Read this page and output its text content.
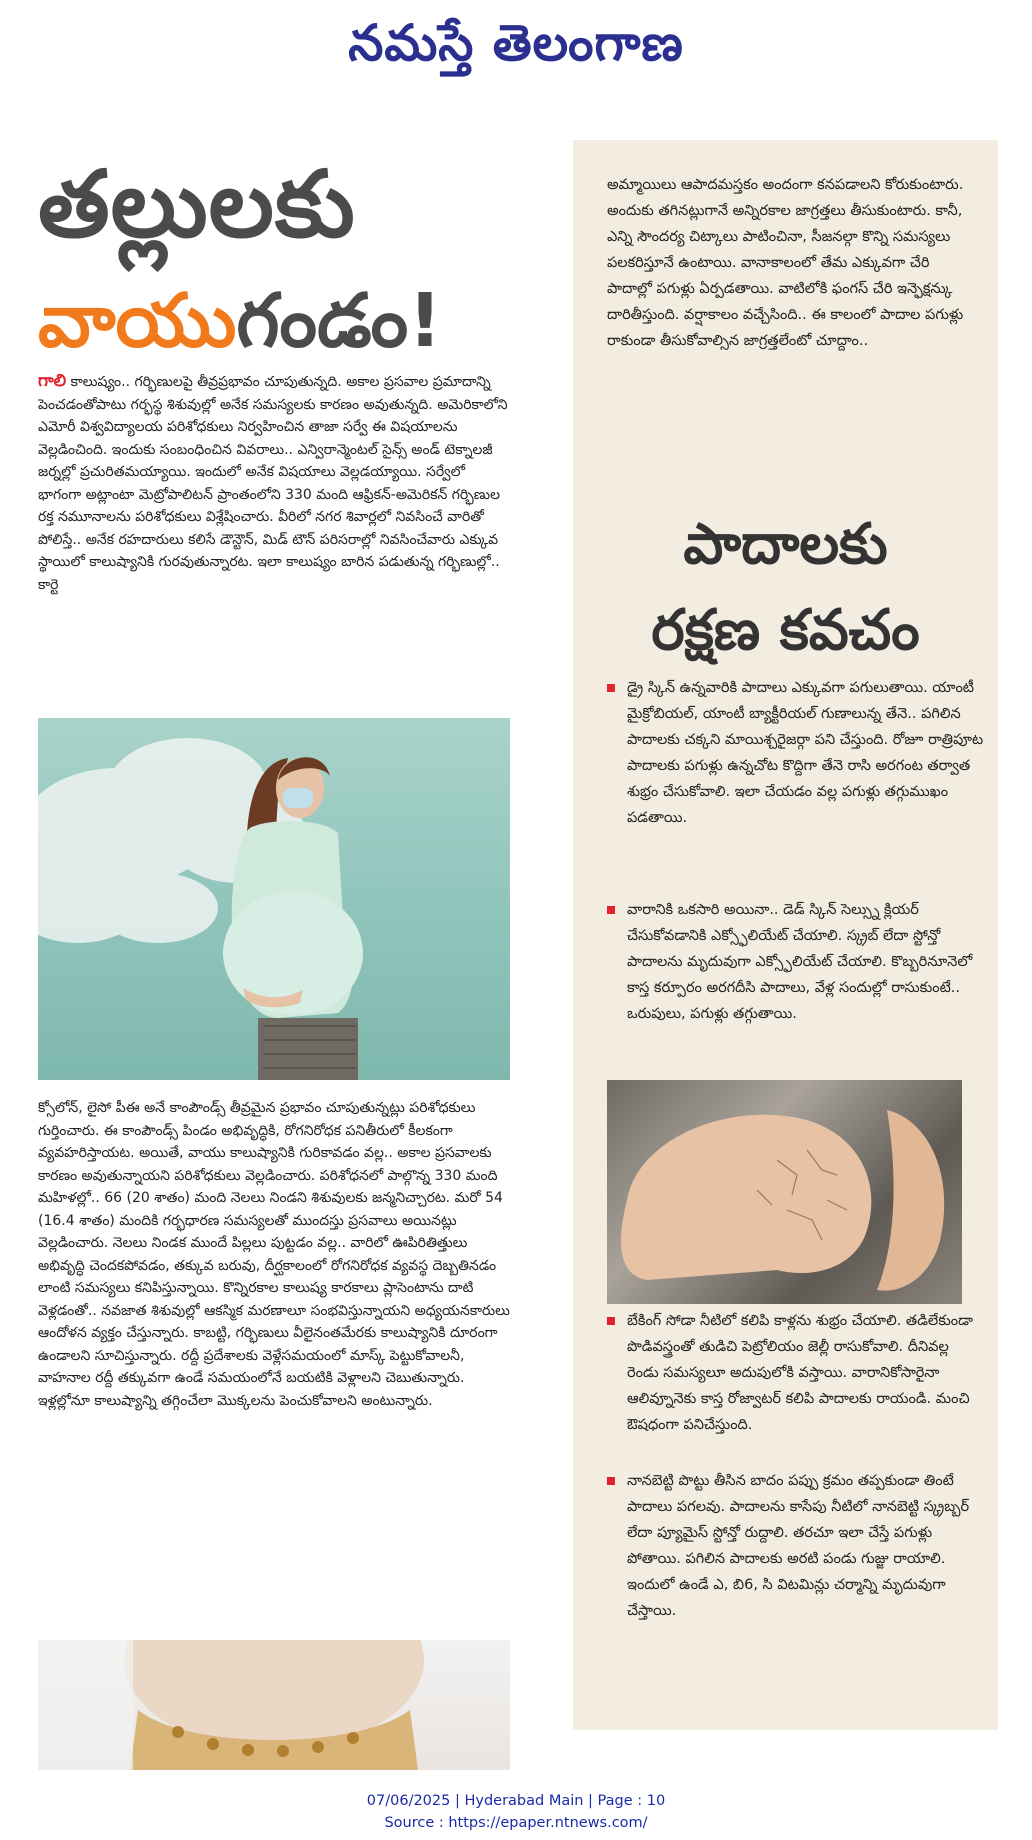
నమస్తే తెలంగాణ
తల్లులకు
వాయుగండం!
గాలి కాలుష్యం.. గర్భిణులపై తీవ్రప్రభావం చూపుతున్నది. అకాల ప్రసవాల ప్రమాదాన్ని పెంచడంతోపాటు గర్భస్థ శిశువుల్లో అనేక సమస్యలకు కారణం అవుతున్నది. అమెరికాలోని ఎమోరీ విశ్వవిద్యాలయ పరిశోధకులు నిర్వహించిన తాజా సర్వే ఈ విషయాలను వెల్లడించింది. ఇందుకు సంబంధించిన వివరాలు.. ఎన్విరాన్మెంటల్ సైన్స్ అండ్ టెక్నాలజీ జర్నల్లో ప్రచురితమయ్యాయి. ఇందులో అనేక విషయాలు వెల్లడయ్యాయి. సర్వేలో భాగంగా అట్లాంటా మెట్రోపాలిటన్ ప్రాంతంలోని 330 మంది ఆఫ్రికన్-అమెరికన్ గర్భిణుల రక్త నమూనాలను పరిశోధకులు విశ్లేషించారు. వీరిలో నగర శివార్లలో నివసించే వారితో పోలిస్తే.. అనేక రహదారులు కలిసే డౌన్టౌన్, మిడ్ టౌన్ పరిసరాల్లో నివసించేవారు ఎక్కువ స్థాయిలో కాలుష్యానికి గురవుతున్నారట. ఇలా కాలుష్యం బారిన పడుతున్న గర్భిణుల్లో.. కార్టె
క్సోలోన్, లైసో పీఈ అనే కాంపౌండ్స్ తీవ్రమైన ప్రభావం చూపుతున్నట్లు పరిశోధకులు గుర్తించారు. ఈ కాంపౌండ్స్ పిండం అభివృద్ధికి, రోగనిరోధక పనితీరులో కీలకంగా వ్యవహరిస్తాయట. అయితే, వాయు కాలుష్యానికి గురికావడం వల్ల.. అకాల ప్రసవాలకు కారణం అవుతున్నాయని పరిశోధకులు వెల్లడించారు. పరిశోధనలో పాల్గొన్న 330 మంది మహిళల్లో.. 66 (20 శాతం) మంది నెలలు నిండని శిశువులకు జన్మనిచ్చారట. మరో 54 (16.4 శాతం) మందికి గర్భధారణ సమస్యలతో ముందస్తు ప్రసవాలు అయినట్లు వెల్లడించారు. నెలలు నిండక ముందే పిల్లలు పుట్టడం వల్ల.. వారిలో ఊపిరితిత్తులు అభివృద్ధి చెందకపోవడం, తక్కువ బరువు, దీర్ఘకాలంలో రోగనిరోధక వ్యవస్థ దెబ్బతినడం లాంటి సమస్యలు కనిపిస్తున్నాయి. కొన్నిరకాల కాలుష్య కారకాలు ప్లాసెంటాను దాటి వెళ్లడంతో.. నవజాత శిశువుల్లో ఆకస్మిక మరణాలూ సంభవిస్తున్నాయని అధ్యయనకారులు ఆందోళన వ్యక్తం చేస్తున్నారు. కాబట్టి, గర్భిణులు వీలైనంతమేరకు కాలుష్యానికి దూరంగా ఉండాలని సూచిస్తున్నారు. రద్దీ ప్రదేశాలకు వెళ్లేసమయంలో మాస్క్ పెట్టుకోవాలనీ, వాహనాల రద్దీ తక్కువగా ఉండే సమయంలోనే బయటికి వెళ్లాలని చెబుతున్నారు. ఇళ్లల్లోనూ కాలుష్యాన్ని తగ్గించేలా మొక్కలను పెంచుకోవాలని అంటున్నారు.

అమ్మాయిలు ఆపాదమస్తకం అందంగా కనపడాలని కోరుకుంటారు. అందుకు తగినట్లుగానే అన్నిరకాల జాగ్రత్తలు తీసుకుంటారు. కానీ, ఎన్ని సౌందర్య చిట్కాలు పాటించినా, సీజనల్గా కొన్ని సమస్యలు పలకరిస్తూనే ఉంటాయి. వానాకాలంలో తేమ ఎక్కువగా చేరి పాదాల్లో పగుళ్లు ఏర్పడతాయి. వాటిలోకి ఫంగస్ చేరి ఇన్ఫెక్షన్కు దారితీస్తుంది. వర్షాకాలం వచ్చేసింది.. ఈ కాలంలో పాదాల పగుళ్లు రాకుండా తీసుకోవాల్సిన జాగ్రత్తలేంటో చూద్దాం..

పాదాలకు
రక్షణ కవచం
డ్రై స్కిన్ ఉన్నవారికి పాదాలు ఎక్కువగా పగులుతాయి. యాంటీ మైక్రోబియల్, యాంటీ బ్యాక్టీరియల్ గుణాలున్న తేనె.. పగిలిన పాదాలకు చక్కని మాయిశ్చరైజర్గా పని చేస్తుంది. రోజూ రాత్రిపూట పాదాలకు పగుళ్లు ఉన్నచోట కొద్దిగా తేనె రాసి అరగంట తర్వాత శుభ్రం చేసుకోవాలి. ఇలా చేయడం వల్ల పగుళ్లు తగ్గుముఖం పడతాయి.
వారానికి ఒకసారి అయినా.. డెడ్ స్కిన్ సెల్స్ను క్లియర్ చేసుకోవడానికి ఎక్స్ఫోలియేట్ చేయాలి. స్క్రబ్ లేదా స్టోన్తో పాదాలను మృదువుగా ఎక్స్ఫోలియేట్ చేయాలి. కొబ్బరినూనెలో కాస్త కర్పూరం అరగదీసి పాదాలు, వేళ్ల సందుల్లో రాసుకుంటే.. ఒరుపులు, పగుళ్లు తగ్గుతాయి.
బేకింగ్ సోడా నీటిలో కలిపి కాళ్లను శుభ్రం చేయాలి. తడిలేకుండా పొడివస్త్రంతో తుడిచి పెట్రోలియం జెల్లీ రాసుకోవాలి. దీనివల్ల రెండు సమస్యలూ అదుపులోకి వస్తాయి. వారానికోసారైనా ఆలివ్నూనెకు కాస్త రోజ్వాటర్ కలిపి పాదాలకు రాయండి. మంచి ఔషధంగా పనిచేస్తుంది.
నానబెట్టి పొట్టు తీసిన బాదం పప్పు క్రమం తప్పకుండా తింటే పాదాలు పగలవు. పాదాలను కాసేపు నీటిలో నానబెట్టి స్క్రబ్బర్ లేదా ప్యూమైస్ స్టోన్తో రుద్దాలి. తరచూ ఇలా చేస్తే పగుళ్లు పోతాయి. పగిలిన పాదాలకు అరటి పండు గుజ్జు రాయాలి. ఇందులో ఉండే ఎ, బి6, సి విటమిన్లు చర్మాన్ని మృదువుగా చేస్తాయి.
07/06/2025 | Hyderabad Main | Page : 10
Source : https://epaper.ntnews.com/
